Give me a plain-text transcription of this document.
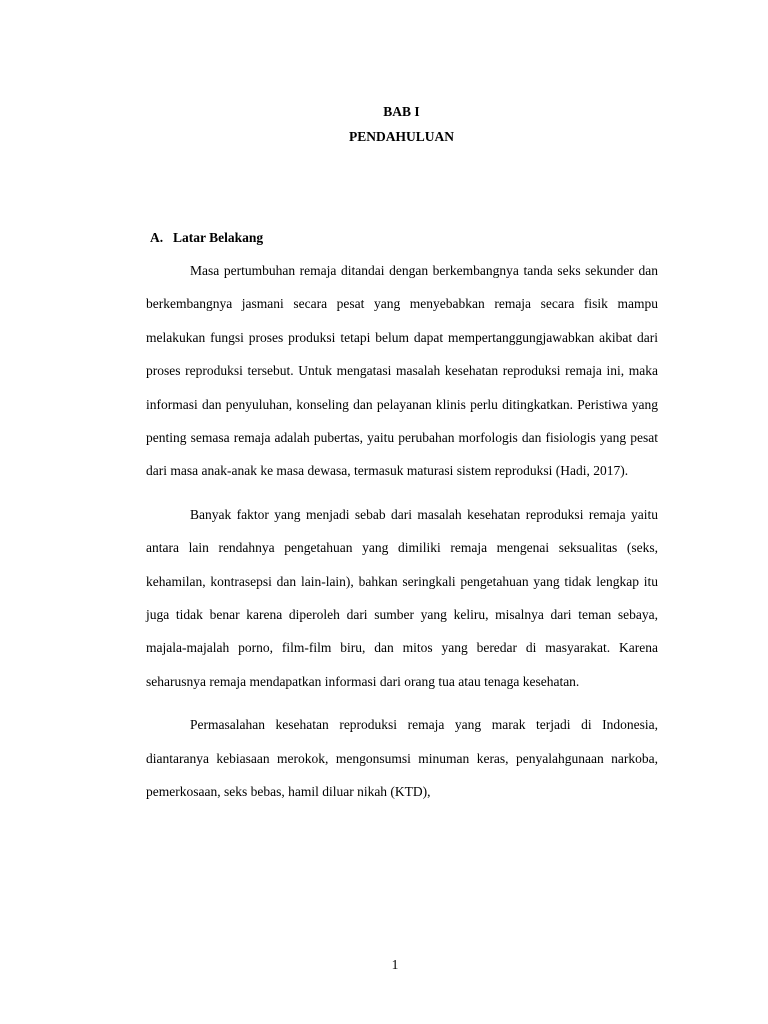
BAB I
PENDAHULUAN
A. Latar Belakang

Masa pertumbuhan remaja ditandai dengan berkembangnya tanda seks sekunder dan berkembangnya jasmani secara pesat yang menyebabkan remaja secara fisik mampu melakukan fungsi proses produksi tetapi belum dapat mempertanggungjawabkan akibat dari proses reproduksi tersebut. Untuk mengatasi masalah kesehatan reproduksi remaja ini, maka informasi dan penyuluhan, konseling dan pelayanan klinis perlu ditingkatkan. Peristiwa yang penting semasa remaja adalah pubertas, yaitu perubahan morfologis dan fisiologis yang pesat dari masa anak-anak ke masa dewasa, termasuk maturasi sistem reproduksi (Hadi, 2017).

Banyak faktor yang menjadi sebab dari masalah kesehatan reproduksi remaja yaitu antara lain rendahnya pengetahuan yang dimiliki remaja mengenai seksualitas (seks, kehamilan, kontrasepsi dan lain-lain), bahkan seringkali pengetahuan yang tidak lengkap itu juga tidak benar karena diperoleh dari sumber yang keliru, misalnya dari teman sebaya, majala-majalah porno, film-film biru, dan mitos yang beredar di masyarakat. Karena seharusnya remaja mendapatkan informasi dari orang tua atau tenaga kesehatan.

Permasalahan kesehatan reproduksi remaja yang marak terjadi di Indonesia, diantaranya kebiasaan merokok, mengonsumsi minuman keras, penyalahgunaan narkoba, pemerkosaan, seks bebas, hamil diluar nikah (KTD),

1
